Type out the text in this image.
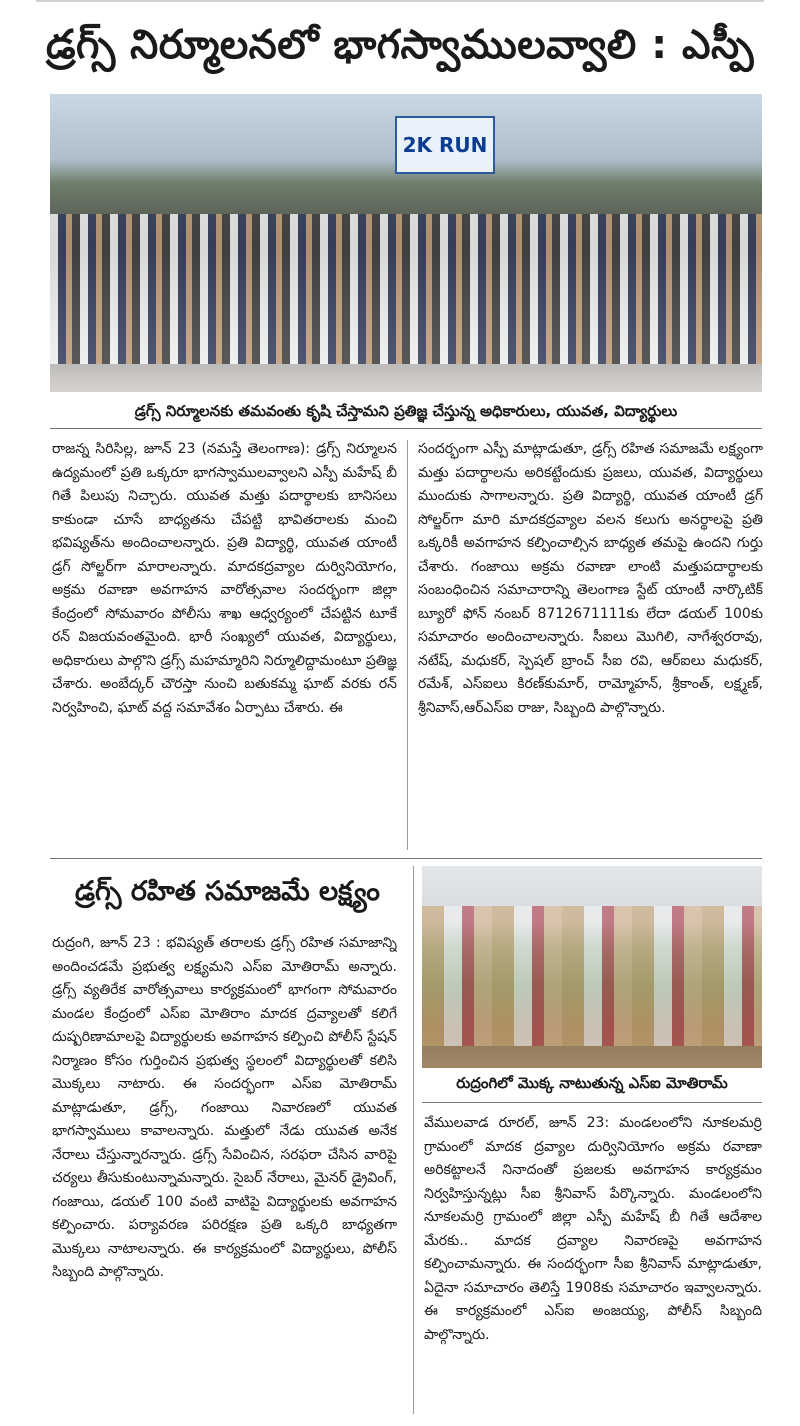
డ్రగ్స్ నిర్మూలనలో భాగస్వాములవ్వాలి : ఎస్పీ
2K RUN
డ్రగ్స్ నిర్మూలనకు తమవంతు కృషి చేస్తామని ప్రతిజ్ఞ చేస్తున్న అధికారులు, యువత, విద్యార్థులు

రాజన్న సిరిసిల్ల, జూన్ 23 (నమస్తే తెలంగాణ): డ్రగ్స్ నిర్మూలన ఉద్యమంలో ప్రతి ఒక్కరూ భాగస్వాములవ్వాలని ఎస్పీ మహేష్ బీ గితే పిలుపు నిచ్చారు. యువత మత్తు పదార్థాలకు బానిసలు కాకుండా చూసే బాధ్యతను చేపట్టి భావితరాలకు మంచి భవిష్యత్‌ను అందించాలన్నారు. ప్రతి విద్యార్థి, యువత యాంటీ డ్రగ్ సోల్జర్‌గా మారాలన్నారు. మాదకద్రవ్యాల దుర్వినియోగం, అక్రమ రవాణా అవగాహన వారోత్సవాల సందర్భంగా జిల్లా కేంద్రంలో సోమవారం పోలీసు శాఖ ఆధ్వర్యంలో చేపట్టిన టూకే రన్ విజయవంతమైంది. భారీ సంఖ్యలో యువత, విద్యార్థులు, అధికారులు పాల్గొని డ్రగ్స్ మహమ్మారిని నిర్మూలిద్దామంటూ ప్రతిజ్ఞ చేశారు. అంబేద్కర్ చౌరస్తా నుంచి బతుకమ్మ ఘాట్ వరకు రన్ నిర్వహించి, ఘాట్ వద్ద సమావేశం ఏర్పాటు చేశారు. ఈ

సందర్భంగా ఎస్పీ మాట్లాడుతూ, డ్రగ్స్ రహిత సమాజమే లక్ష్యంగా మత్తు పదార్థాలను అరికట్టేందుకు ప్రజలు, యువత, విద్యార్థులు ముందుకు సాగాలన్నారు. ప్రతి విద్యార్థి, యువత యాంటీ డ్రగ్ సోల్జర్‌గా మారి మాదకద్రవ్యాల వలన కలుగు అనర్థాలపై ప్రతి ఒక్కరికీ అవగాహన కల్పించాల్సిన బాధ్యత తమపై ఉందని గుర్తు చేశారు. గంజాయి అక్రమ రవాణా లాంటి మత్తుపదార్థాలకు సంబంధించిన సమాచారాన్ని తెలంగాణ స్టేట్ యాంటీ నార్కొటిక్ బ్యూరో ఫోన్ నంబర్ 8712671111కు లేదా డయల్ 100కు సమాచారం అందించాలన్నారు. సీఐలు మొగిలి, నాగేశ్వరరావు, నటేష్, మధుకర్, స్పెషల్ బ్రాంచ్ సీఐ రవి, ఆర్ఐలు మధుకర్, రమేశ్, ఎస్ఐలు కిరణ్‌కుమార్, రామ్మోహన్, శ్రీకాంత్, లక్ష్మణ్, శ్రీనివాస్,ఆర్ఎస్ఐ రాజు, సిబ్బంది పాల్గొన్నారు.

డ్రగ్స్ రహిత సమాజమే లక్ష్యం

రుద్రంగి, జూన్ 23 : భవిష్యత్ తరాలకు డ్రగ్స్ రహిత సమాజాన్ని అందించడమే ప్రభుత్వ లక్ష్యమని ఎస్ఐ మోతిరామ్ అన్నారు. డ్రగ్స్ వ్యతిరేక వారోత్సవాలు కార్యక్రమంలో భాగంగా సోమవారం మండల కేంద్రంలో ఎస్ఐ మోతిరాం మాదక ద్రవ్యాలతో కలిగే దుష్పరిణామాలపై విద్యార్థులకు అవగాహన కల్పించి పోలీస్ స్టేషన్ నిర్మాణం కోసం గుర్తించిన ప్రభుత్వ స్థలంలో విద్యార్థులతో కలిసి మొక్కలు నాటారు. ఈ సందర్భంగా ఎస్ఐ మోతిరామ్ మాట్లాడుతూ, డ్రగ్స్, గంజాయి నివారణలో యువత భాగస్వాములు కావాలన్నారు. మత్తులో నేడు యువత అనేక నేరాలు చేస్తున్నారన్నారు. డ్రగ్స్ సేవించిన, సరఫరా చేసిన వారిపై చర్యలు తీసుకుంటున్నామన్నారు. సైబర్ నేరాలు, మైనర్ డ్రైవింగ్, గంజాయి, డయల్ 100 వంటి వాటిపై విద్యార్థులకు అవగాహన కల్పించారు. పర్యావరణ పరిరక్షణ ప్రతి ఒక్కరి బాధ్యతగా మొక్కలు నాటాలన్నారు. ఈ కార్యక్రమంలో విద్యార్థులు, పోలీస్ సిబ్బంది పాల్గొన్నారు.

రుద్రంగిలో మొక్క నాటుతున్న ఎస్ఐ మోతిరామ్

వేములవాడ రూరల్, జూన్ 23: మండలంలోని నూకలమర్రి గ్రామంలో మాదక ద్రవ్యాల దుర్వినియోగం అక్రమ రవాణా అరికట్టాలనే నినాదంతో ప్రజలకు అవగాహన కార్యక్రమం నిర్వహిస్తున్నట్లు సీఐ శ్రీనివాస్ పేర్కొన్నారు. మండలంలోని నూకలమర్రి గ్రామంలో జిల్లా ఎస్పీ మహేష్ బీ గితే ఆదేశాల మేరకు.. మాదక ద్రవ్యాల నివారణపై అవగాహన కల్పించామన్నారు. ఈ సందర్భంగా సీఐ శ్రీనివాస్ మాట్లాడుతూ, ఏదైనా సమాచారం తెలిస్తే 1908కు సమాచారం ఇవ్వాలన్నారు. ఈ కార్యక్రమంలో ఎస్ఐ అంజయ్య, పోలీస్ సిబ్బంది పాల్గొన్నారు.
